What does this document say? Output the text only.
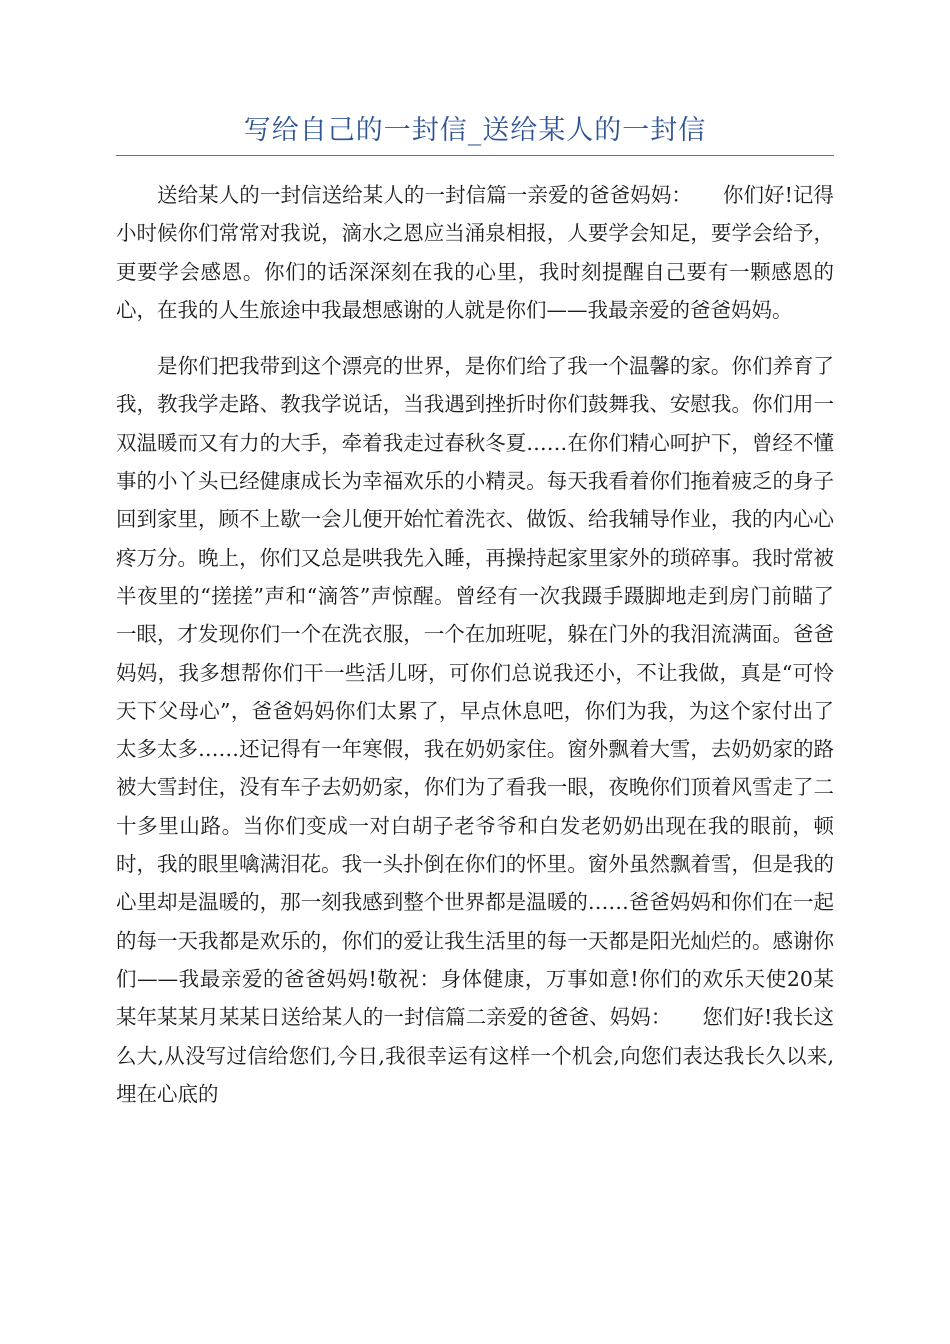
写给自己的一封信_送给某人的一封信

送给某人的一封信送给某人的一封信篇一亲爱的爸爸妈妈：　　你们好!记得小时候你们常常对我说，滴水之恩应当涌泉相报，人要学会知足，要学会给予，更要学会感恩。你们的话深深刻在我的心里，我时刻提醒自己要有一颗感恩的心，在我的人生旅途中我最想感谢的人就是你们——我最亲爱的爸爸妈妈。

是你们把我带到这个漂亮的世界，是你们给了我一个温馨的家。你们养育了我，教我学走路、教我学说话，当我遇到挫折时你们鼓舞我、安慰我。你们用一双温暖而又有力的大手，牵着我走过春秋冬夏……在你们精心呵护下，曾经不懂事的小丫头已经健康成长为幸福欢乐的小精灵。每天我看着你们拖着疲乏的身子回到家里，顾不上歇一会儿便开始忙着洗衣、做饭、给我辅导作业，我的内心心疼万分。晚上，你们又总是哄我先入睡，再操持起家里家外的琐碎事。我时常被半夜里的“搓搓”声和“滴答”声惊醒。曾经有一次我蹑手蹑脚地走到房门前瞄了一眼，才发现你们一个在洗衣服，一个在加班呢，躲在门外的我泪流满面。爸爸妈妈，我多想帮你们干一些活儿呀，可你们总说我还小，不让我做，真是“可怜天下父母心”，爸爸妈妈你们太累了，早点休息吧，你们为我，为这个家付出了太多太多……还记得有一年寒假，我在奶奶家住。窗外飘着大雪，去奶奶家的路被大雪封住，没有车子去奶奶家，你们为了看我一眼，夜晚你们顶着风雪走了二十多里山路。当你们变成一对白胡子老爷爷和白发老奶奶出现在我的眼前，顿时，我的眼里噙满泪花。我一头扑倒在你们的怀里。窗外虽然飘着雪，但是我的心里却是温暖的，那一刻我感到整个世界都是温暖的……爸爸妈妈和你们在一起的每一天我都是欢乐的，你们的爱让我生活里的每一天都是阳光灿烂的。感谢你们——我最亲爱的爸爸妈妈!敬祝：身体健康，万事如意!你们的欢乐天使20某某年某某月某某日送给某人的一封信篇二亲爱的爸爸、妈妈：　　您们好!我长这么大,从没写过信给您们,今日,我很幸运有这样一个机会,向您们表达我长久以来,埋在心底的
